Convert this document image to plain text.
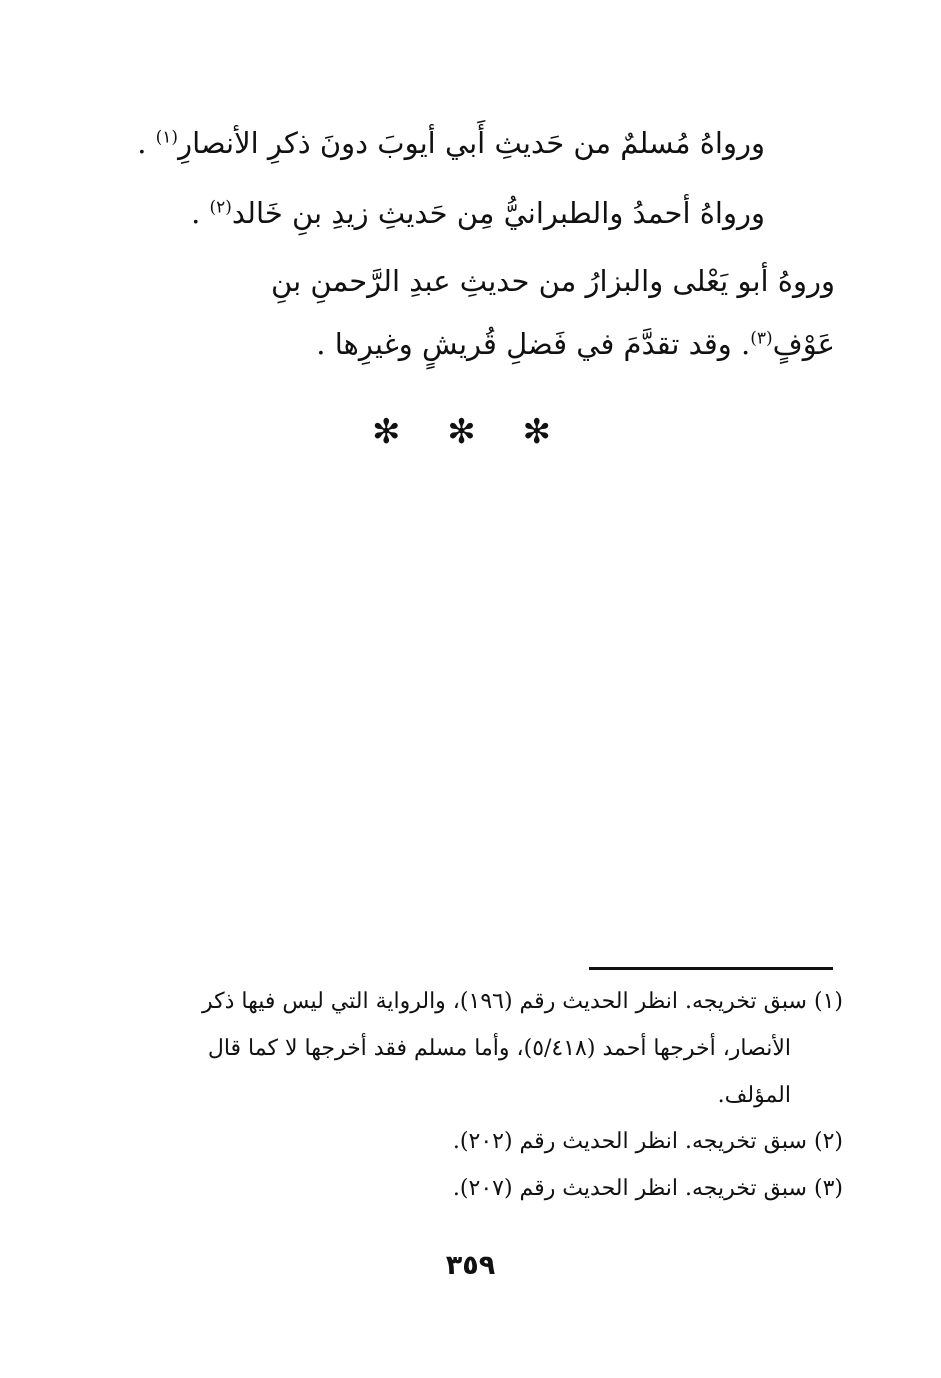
ورواهُ مُسلمٌ من حَديثِ أَبي أيوبَ دونَ ذكرِ الأنصارِ$^{(١)}$ .
ورواهُ أحمدُ والطبرانيُّ مِن حَديثِ زيدِ بنِ خَالد$^{(٢)}$ .
وروهُ أبو يَعْلى والبزارُ من حديثِ عبدِ الرَّحمنِ بنِ
عَوْفٍ$^{(٣)}$. وقد تقدَّمَ في فَضلِ قُريشٍ وغيرِها .
✻ ✻ ✻
(١) سبق تخريجه. انظر الحديث رقم (١٩٦)، والرواية التي ليس فيها ذكر
الأنصار، أخرجها أحمد (٥/٤١٨)، وأما مسلم فقد أخرجها لا كما قال
المؤلف.
(٢) سبق تخريجه. انظر الحديث رقم (٢٠٢).
(٣) سبق تخريجه. انظر الحديث رقم (٢٠٧).
٣٥٩
